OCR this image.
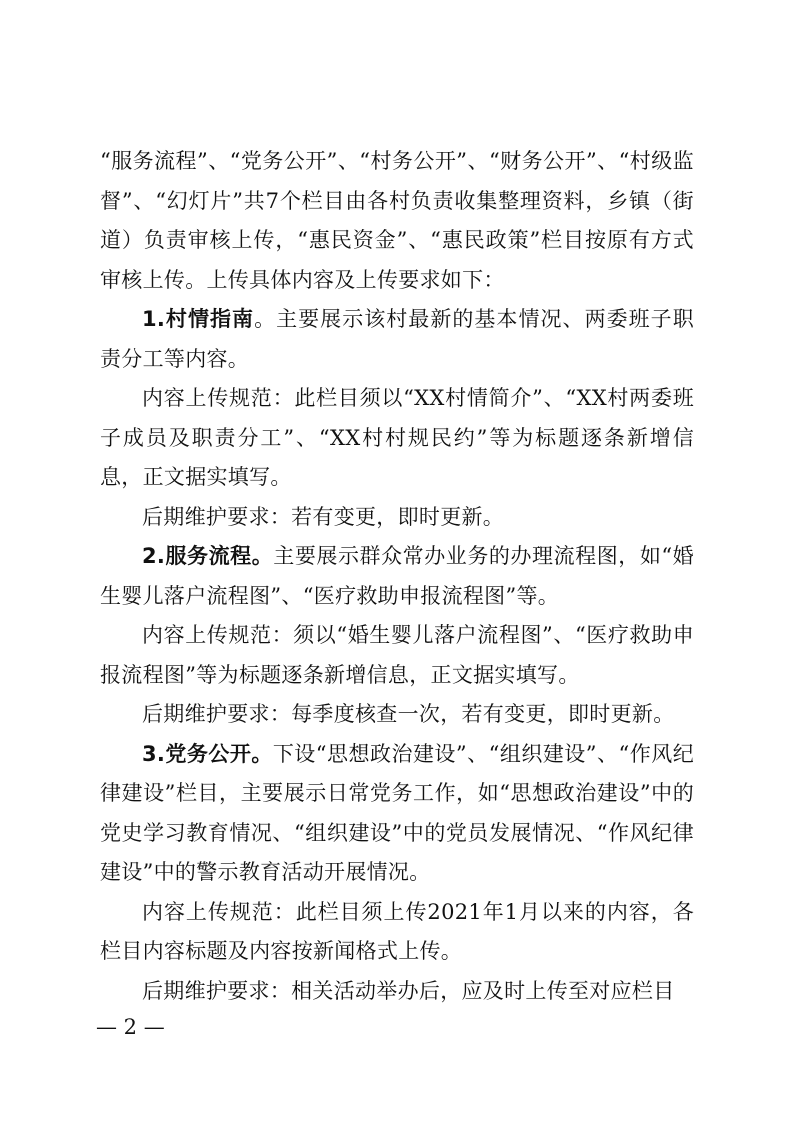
“服务流程”、“党务公开”、“村务公开”、“财务公开”、“村级监督”、“幻灯片”共7个栏目由各村负责收集整理资料，乡镇（街道）负责审核上传，“惠民资金”、“惠民政策”栏目按原有方式审核上传。上传具体内容及上传要求如下：

1.村情指南。主要展示该村最新的基本情况、两委班子职责分工等内容。

内容上传规范：此栏目须以“XX村情简介”、“XX村两委班子成员及职责分工”、“XX村村规民约”等为标题逐条新增信息，正文据实填写。

后期维护要求：若有变更，即时更新。

2.服务流程。主要展示群众常办业务的办理流程图，如“婚生婴儿落户流程图”、“医疗救助申报流程图”等。

内容上传规范：须以“婚生婴儿落户流程图”、“医疗救助申报流程图”等为标题逐条新增信息，正文据实填写。

后期维护要求：每季度核查一次，若有变更，即时更新。

3.党务公开。下设“思想政治建设”、“组织建设”、“作风纪律建设”栏目，主要展示日常党务工作，如“思想政治建设”中的党史学习教育情况、“组织建设”中的党员发展情况、“作风纪律建设”中的警示教育活动开展情况。

内容上传规范：此栏目须上传2021年1月以来的内容，各栏目内容标题及内容按新闻格式上传。

后期维护要求：相关活动举办后，应及时上传至对应栏目

— 2 —
